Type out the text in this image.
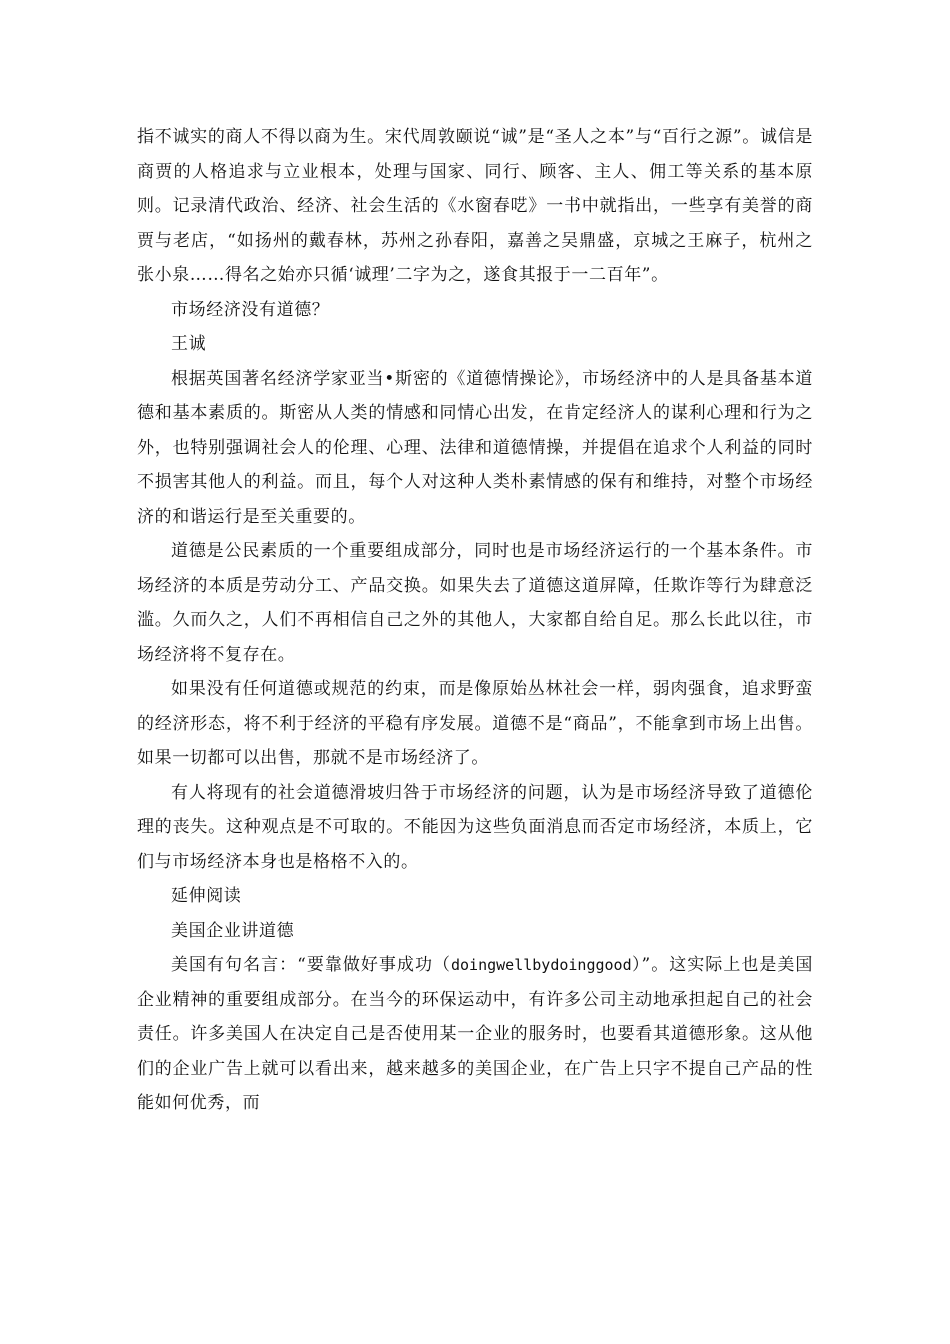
指不诚实的商人不得以商为生。宋代周敦颐说“诚”是“圣人之本”与“百行之源”。诚信是商贾的人格追求与立业根本，处理与国家、同行、顾客、主人、佣工等关系的基本原则。记录清代政治、经济、社会生活的《水窗春呓》一书中就指出，一些享有美誉的商贾与老店，“如扬州的戴春林，苏州之孙春阳，嘉善之吴鼎盛，京城之王麻子，杭州之张小泉……得名之始亦只循‘诚理’二字为之，遂食其报于一二百年”。

市场经济没有道德？

王诚

根据英国著名经济学家亚当•斯密的《道德情操论》，市场经济中的人是具备基本道德和基本素质的。斯密从人类的情感和同情心出发，在肯定经济人的谋利心理和行为之外，也特别强调社会人的伦理、心理、法律和道德情操，并提倡在追求个人利益的同时不损害其他人的利益。而且，每个人对这种人类朴素情感的保有和维持，对整个市场经济的和谐运行是至关重要的。

道德是公民素质的一个重要组成部分，同时也是市场经济运行的一个基本条件。市场经济的本质是劳动分工、产品交换。如果失去了道德这道屏障，任欺诈等行为肆意泛滥。久而久之，人们不再相信自己之外的其他人，大家都自给自足。那么长此以往，市场经济将不复存在。

如果没有任何道德或规范的约束，而是像原始丛林社会一样，弱肉强食，追求野蛮的经济形态，将不利于经济的平稳有序发展。道德不是“商品”，不能拿到市场上出售。如果一切都可以出售，那就不是市场经济了。

有人将现有的社会道德滑坡归咎于市场经济的问题，认为是市场经济导致了道德伦理的丧失。这种观点是不可取的。不能因为这些负面消息而否定市场经济，本质上，它们与市场经济本身也是格格不入的。

延伸阅读

美国企业讲道德

美国有句名言：“要靠做好事成功（doingwellbydoinggood）”。这实际上也是美国企业精神的重要组成部分。在当今的环保运动中，有许多公司主动地承担起自己的社会责任。许多美国人在决定自己是否使用某一企业的服务时，也要看其道德形象。这从他们的企业广告上就可以看出来，越来越多的美国企业，在广告上只字不提自己产品的性能如何优秀，而
